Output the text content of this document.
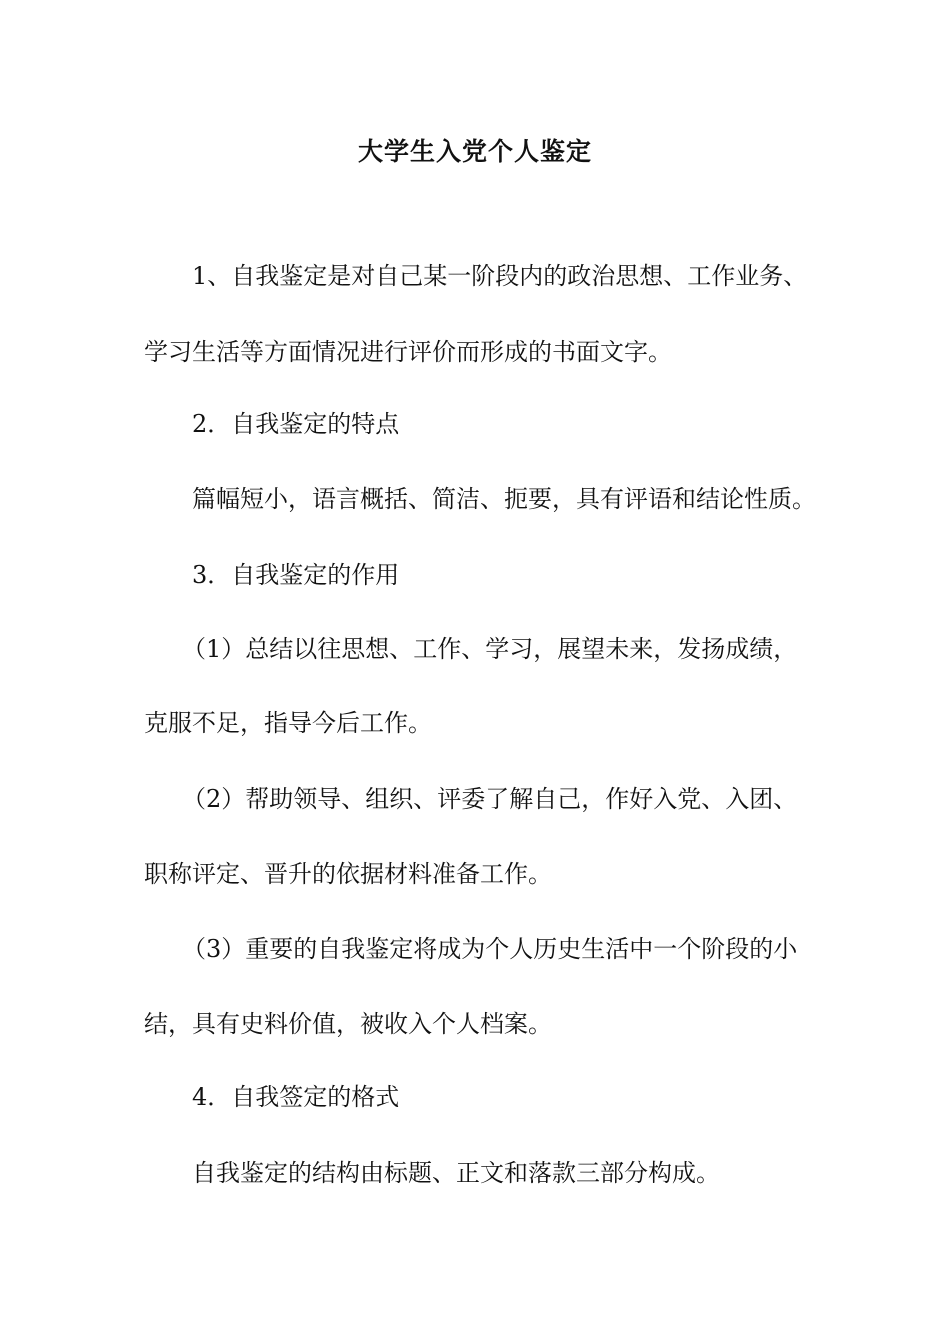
大学生入党个人鉴定
1、自我鉴定是对自己某一阶段内的政治思想、工作业务、
学习生活等方面情况进行评价而形成的书面文字。
2．自我鉴定的特点
篇幅短小，语言概括、简洁、扼要，具有评语和结论性质。
3．自我鉴定的作用
（1）总结以往思想、工作、学习，展望未来，发扬成绩，
克服不足，指导今后工作。
（2）帮助领导、组织、评委了解自己，作好入党、入团、
职称评定、晋升的依据材料准备工作。
（3）重要的自我鉴定将成为个人历史生活中一个阶段的小
结，具有史料价值，被收入个人档案。
4．自我签定的格式
自我鉴定的结构由标题、正文和落款三部分构成。
